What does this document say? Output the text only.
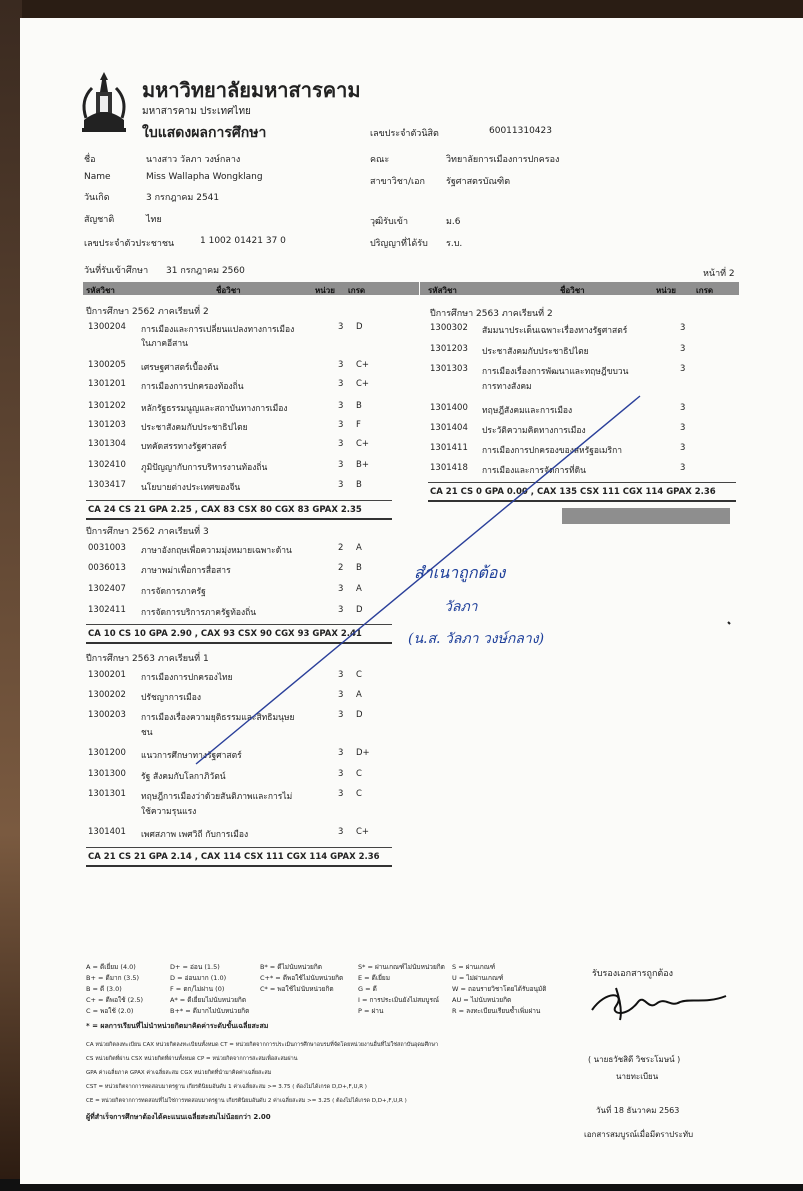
มหาวิทยาลัยมหาสารคาม
มหาสารคาม ประเทศไทย
ใบแสดงผลการศึกษา	เลขประจำตัวนิสิต	60011310423
ชื่อ	นางสาว วัลภา วงษ์กลาง
Name	Miss Wallapha Wongklang
วันเกิด	3 กรกฎาคม 2541
สัญชาติ	ไทย
เลขประจำตัวประชาชน	1 1002 01421 37 0
วันที่รับเข้าศึกษา 31 กรกฎาคม 2560
คณะ	วิทยาลัยการเมืองการปกครอง
สาขาวิชา/เอก รัฐศาสตรบัณฑิต
วุฒิรับเข้า	ม.6
ปริญญาที่ได้รับ ร.บ.
หน้าที่ 2
รหัสวิชา	ชื่อวิชา	หน่วย เกรด	รหัสวิชา	ชื่อวิชา	หน่วย	เกรด
ปีการศึกษา 2562 ภาคเรียนที่ 2
1300204 การเมืองและการเปลี่ยนแปลงทางการเมือง
ในภาคอีสาน
3 D
1300205 เศรษฐศาสตร์เบื้องต้น	3 C+
1301201 การเมืองการปกครองท้องถิ่น	3 C+
1301202 หลักรัฐธรรมนูญและสถาบันทางการเมือง	3 B
1301203 ประชาสังคมกับประชาธิปไตย	3 F
1301304 บทคัดสรรทางรัฐศาสตร์	3 C+
1302410 ภูมิปัญญากับการบริหารงานท้องถิ่น	3 B+
1303417 นโยบายต่างประเทศของจีน	3 B
CA 24 CS 21 GPA 2.25 , CAX 83 CSX 80 CGX 83 GPAX 2.35
ปีการศึกษา 2562 ภาคเรียนที่ 3
0031003 ภาษาอังกฤษเพื่อความมุ่งหมายเฉพาะด้าน	2 A
0036013 ภาษาพม่าเพื่อการสื่อสาร	2 B
1302407 การจัดการภาครัฐ	3 A
1302411 การจัดการบริการภาครัฐท้องถิ่น	3 D
CA 10 CS 10 GPA 2.90 , CAX 93 CSX 90 CGX 93 GPAX 2.41
ปีการศึกษา 2563 ภาคเรียนที่ 1
1300201 การเมืองการปกครองไทย	3 C
1300202 ปรัชญาการเมือง	3 A
1300203 การเมืองเรื่องความยุติธรรมและสิทธิมนุษย
ชน
3 D
1301200 แนวการศึกษาทางรัฐศาสตร์	3 D+
1301300 รัฐ สังคมกับโลกาภิวัตน์	3 C
1301301 ทฤษฎีการเมืองว่าด้วยสันติภาพและการไม่
ใช้ความรุนแรง
3 C
1301401 เพศสภาพ เพศวิถี กับการเมือง	3 C+
CA 21 CS 21 GPA 2.14 , CAX 114 CSX 111 CGX 114 GPAX 2.36
ปีการศึกษา 2563 ภาคเรียนที่ 2
1300302 สัมมนาประเด็นเฉพาะเรื่องทางรัฐศาสตร์	3
1301203 ประชาสังคมกับประชาธิปไตย	3
1301303 การเมืองเรื่องการพัฒนาและทฤษฎีขบวน
การทางสังคม
3
1301400 ทฤษฎีสังคมและการเมือง	3
1301404 ประวัติความคิดทางการเมือง	3
1301411 การเมืองการปกครองของสหรัฐอเมริกา	3
1301418 การเมืองและการจัดการที่ดิน	3
CA 21 CS 0 GPA 0.00 , CAX 135 CSX 111 CGX 114 GPAX 2.36
สำเนาถูกต้อง
วัลภา
(น.ส. วัลภา วงษ์กลาง)
A = ดีเยี่ยม (4.0)
B+ = ดีมาก (3.5)
B = ดี (3.0)
C+ = ดีพอใช้ (2.5)
C = พอใช้ (2.0)
D+ = อ่อน (1.5)
D = อ่อนมาก (1.0)
F = ตก/ไม่ผ่าน (0)
A* = ดีเยี่ยมไม่นับหน่วยกิต
B+* = ดีมากไม่นับหน่วยกิต
B* = ดีไม่นับหน่วยกิต
C+* = ดีพอใช้ไม่นับหน่วยกิต
C* = พอใช้ไม่นับหน่วยกิต
S* = ผ่านเกณฑ์ไม่นับหน่วยกิต
E = ดีเยี่ยม
G = ดี
I = การประเมินยังไม่สมบูรณ์
P = ผ่าน
S = ผ่านเกณฑ์
U = ไม่ผ่านเกณฑ์
W = ถอนรายวิชาโดยได้รับอนุมัติ
AU = ไม่นับหน่วยกิต
R = ลงทะเบียนเรียนซ้ำเพิ่มผ่าน
* = ผลการเรียนที่ไม่นำหน่วยกิตมาคิดค่าระดับขั้นเฉลี่ยสะสม
CA หน่วยกิตลงทะเบียน CAX หน่วยกิตลงทะเบียนทั้งหมด CT = หน่วยกิตจากการประเมินการศึกษาอบรมที่จัดโดยหน่วยงานอื่นที่ไม่ใช่สถาบันอุดมศึกษา
CS หน่วยกิตที่ผ่าน CSX หน่วยกิตที่ผ่านทั้งหมด CP = หน่วยกิตจากการสะสมเพื่อสะสมผ่าน
GPA ค่าเฉลี่ยภาค GPAX ค่าเฉลี่ยสะสม CGX หน่วยกิตที่นำมาคิดค่าเฉลี่ยสะสม
CST = หน่วยกิตจากการทดสอบมาตรฐาน เกียรตินิยมอันดับ 1 ค่าเฉลี่ยสะสม >= 3.75 ( ต้องไม่ได้เกรด D,D+,F,U,R )
CE = หน่วยกิตจากการทดสอบที่ไม่ใช่การทดสอบมาตรฐาน เกียรตินิยมอันดับ 2 ค่าเฉลี่ยสะสม >= 3.25 ( ต้องไม่ได้เกรด D,D+,F,U,R )
ผู้ที่สำเร็จการศึกษาต้องได้คะแนนเฉลี่ยสะสมไม่น้อยกว่า 2.00
รับรองเอกสารถูกต้อง
( นายธวัชสิดี วิชระโมษน์ )
นายทะเบียน
วันที่ 18 ธันวาคม 2563
เอกสารสมบูรณ์เมื่อมีตราประทับ
